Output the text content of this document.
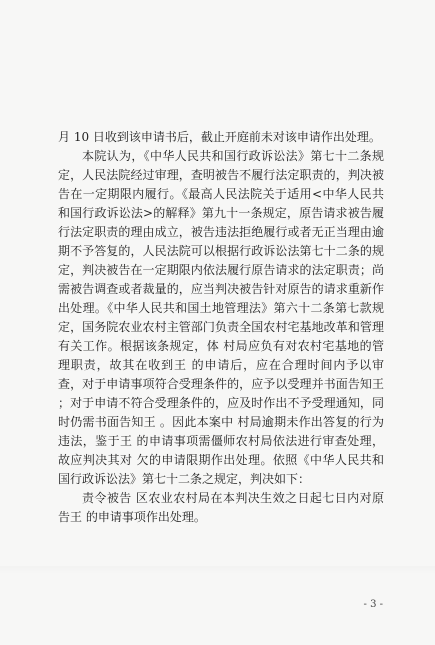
月 10 日收到该申请书后，截止开庭前未对该申请作出处理。

本院认为，《中华人民共和国行政诉讼法》第七十二条规定，人民法院经过审理，查明被告不履行法定职责的，判决被告在一定期限内履行。《最高人民法院关于适用<中华人民共和国行政诉讼法>的解释》第九十一条规定，原告请求被告履行法定职责的理由成立，被告违法拒绝履行或者无正当理由逾期不予答复的，人民法院可以根据行政诉讼法第七十二条的规定，判决被告在一定期限内依法履行原告请求的法定职责；尚需被告调查或者裁量的，应当判决被告针对原告的请求重新作出处理。《中华人民共和国土地管理法》第六十二条第七款规定，国务院农业农村主管部门负责全国农村宅基地改革和管理有关工作。根据该条规定，体 村局应负有对农村宅基地的管理职责，故其在收到王 的申请后，应在合理时间内予以审查，对于申请事项符合受理条件的，应予以受理并书面告知王 ；对于申请不符合受理条件的，应及时作出不予受理通知，同时仍需书面告知王 。因此本案中 村局逾期未作出答复的行为违法，鉴于王 的申请事项需僵师农村局依法进行审查处理，故应判决其对 欠的申请限期作出处理。依照《中华人民共和国行政诉讼法》第七十二条之规定，判决如下：

责令被告 区农业农村局在本判决生效之日起七日内对原告王 的申请事项作出处理。

- 3 -
